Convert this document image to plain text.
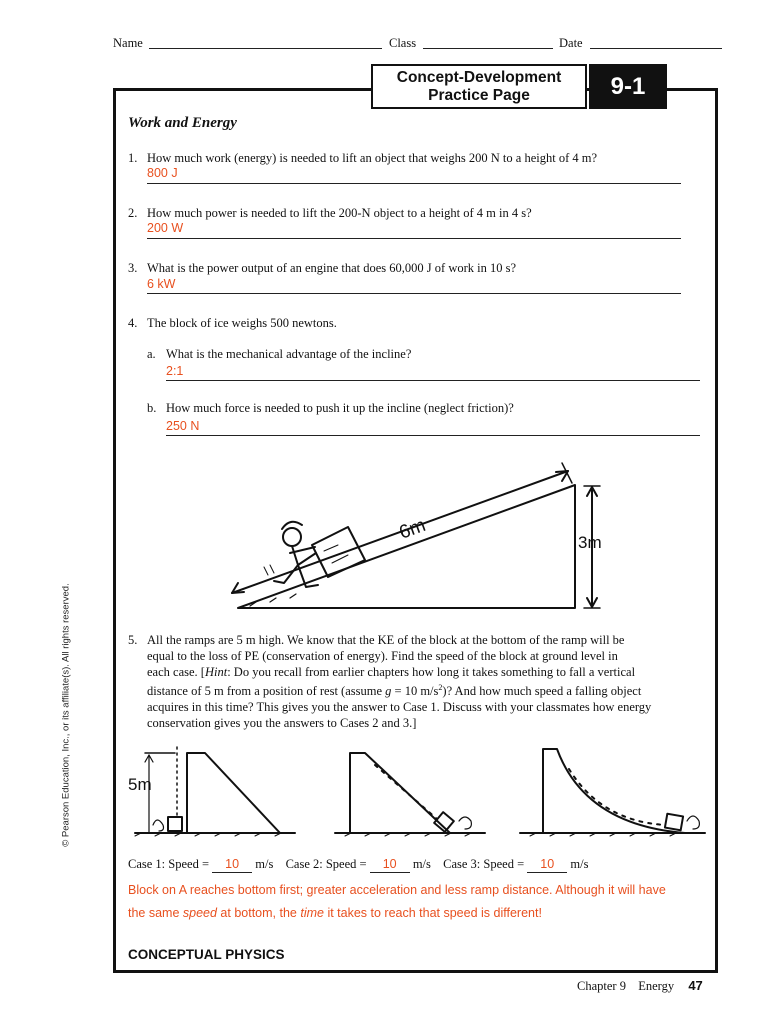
Name	Class	Date
Concept-Development
Practice Page	9-1
Work and Energy
1. How much work (energy) is needed to lift an object that weighs 200 N to a height of 4 m?
800 J
2. How much power is needed to lift the 200-N object to a height of 4 m in 4 s?
200 W
3. What is the power output of an engine that does 60,000 J of work in 10 s?
6 kW
4. The block of ice weighs 500 newtons.
a. What is the mechanical advantage of the incline?
2:1
b. How much force is needed to push it up the incline (neglect friction)?
250 N
6m	3m
5. All the ramps are 5 m high. We know that the KE of the block at the bottom of the ramp will be
equal to the loss of PE (conservation of energy). Find the speed of the block at ground level in
each case. [Hint: Do you recall from earlier chapters how long it takes something to fall a vertical
distance of 5 m from a position of rest (assume g = 10 $m/s^2$)? And how much speed a falling object
acquires in this time? This gives you the answer to Case 1. Discuss with your classmates how energy
conservation gives you the answers to Cases 2 and 3.]
5m
Case 1: Speed = 10 m/s Case 2: Speed = 10 m/s Case 3: Speed = 10 m/s
Block on A reaches bottom first; greater acceleration and less ramp distance. Although it will have
the same speed at bottom, the time it takes to reach that speed is different!
CONCEPTUAL PHYSICS
Chapter 9 Energy 47
© Pearson Education, Inc., or its affiliate(s). All rights reserved.
